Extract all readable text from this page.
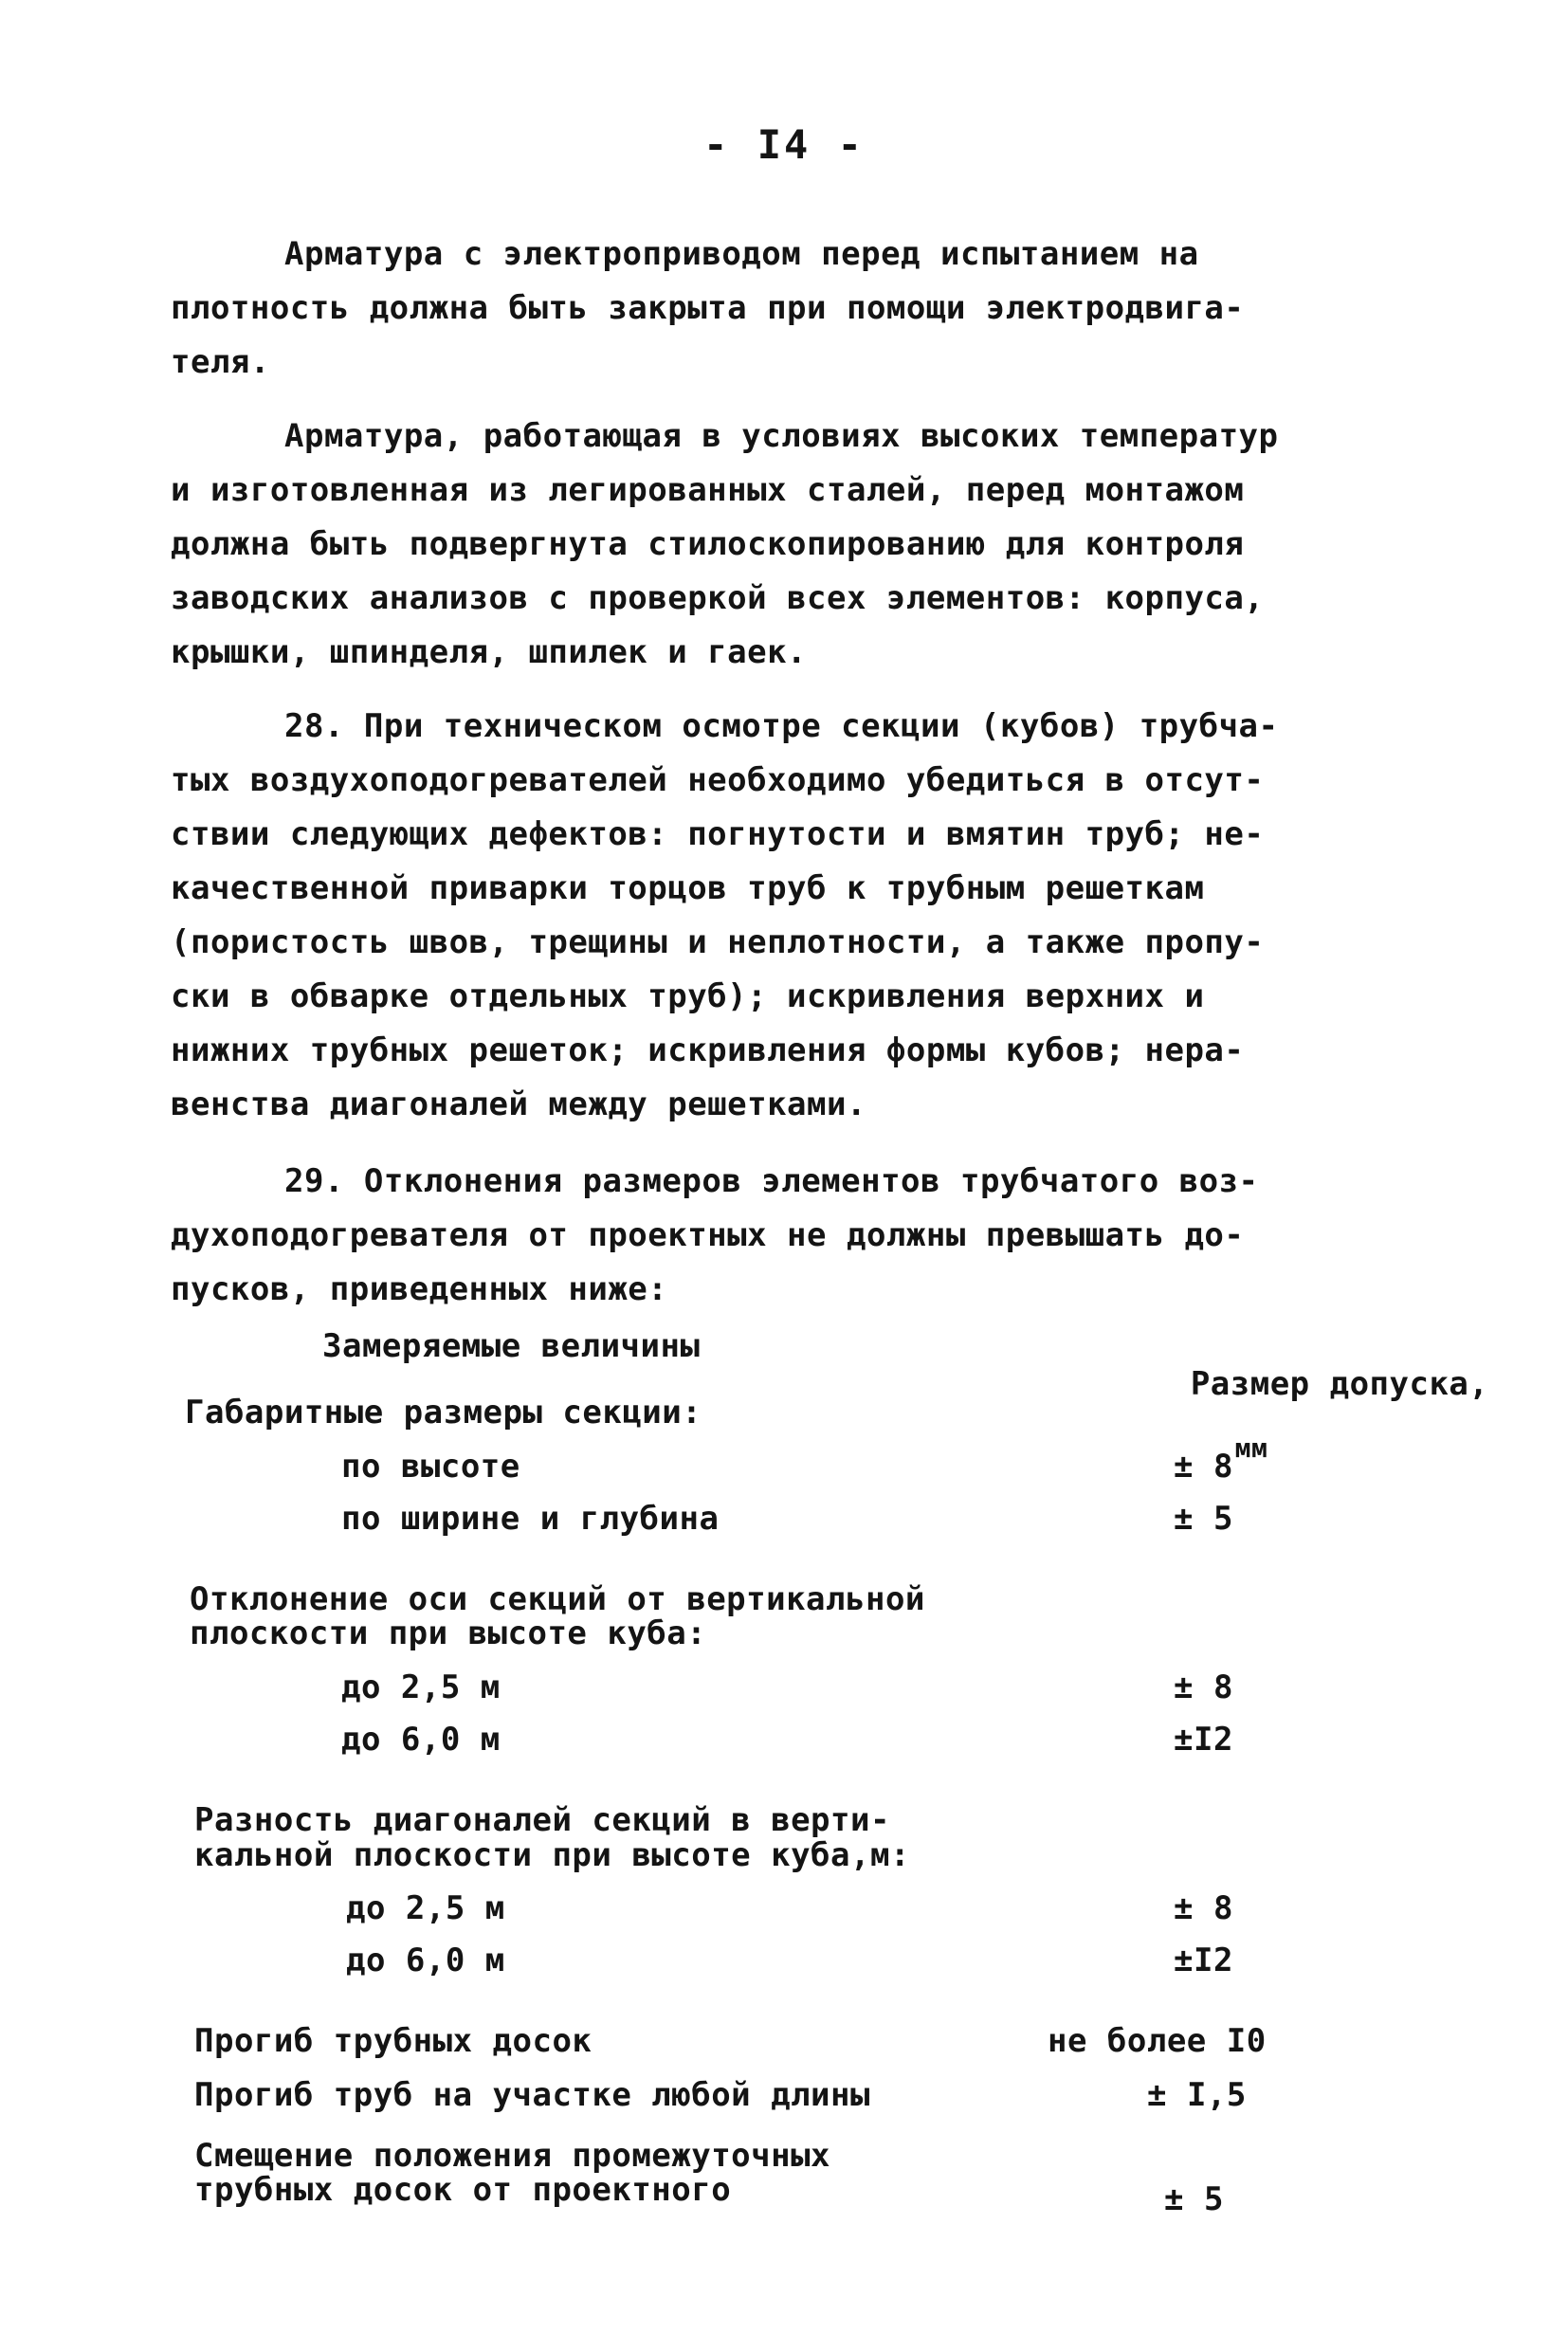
- I4 -
Арматура с электроприводом перед испытанием на
плотность должна быть закрыта при помощи электродвига-
теля.
Арматура, работающая в условиях высоких температур
и изготовленная из легированных сталей, перед монтажом
должна быть подвергнута стилоскопированию для контроля
заводских анализов с проверкой всех элементов: корпуса,
крышки, шпинделя, шпилек и гаек.
28. При техническом осмотре секции (кубов) трубча-
тых воздухоподогревателей необходимо убедиться в отсут-
ствии следующих дефектов: погнутости и вмятин труб; не-
качественной приварки торцов труб к трубным решеткам
(пористость швов, трещины и неплотности, а также пропу-
ски в обварке отдельных труб); искривления верхних и
нижних трубных решеток; искривления формы кубов; нера-
венства диагоналей между решетками.
29. Отклонения размеров элементов трубчатого воз-
духоподогревателя от проектных не должны превышать до-
пусков, приведенных ниже:
Замеряемые величины

Размер допуска,

мм

Габаритные размеры секции:
по высоте	± 8
по ширине и глубина	± 5
Отклонение оси секций от вертикальной
плоскости при высоте куба:
до 2,5 м	± 8
до 6,0 м	±I2
Разность диагоналей секций в верти-
кальной плоскости при высоте куба,м:
до 2,5 м	± 8
до 6,0 м	±I2
Прогиб трубных досок	не более I0
Прогиб труб на участке любой длины	± I,5
Смещение положения промежуточных
трубных досок от проектного	± 5
